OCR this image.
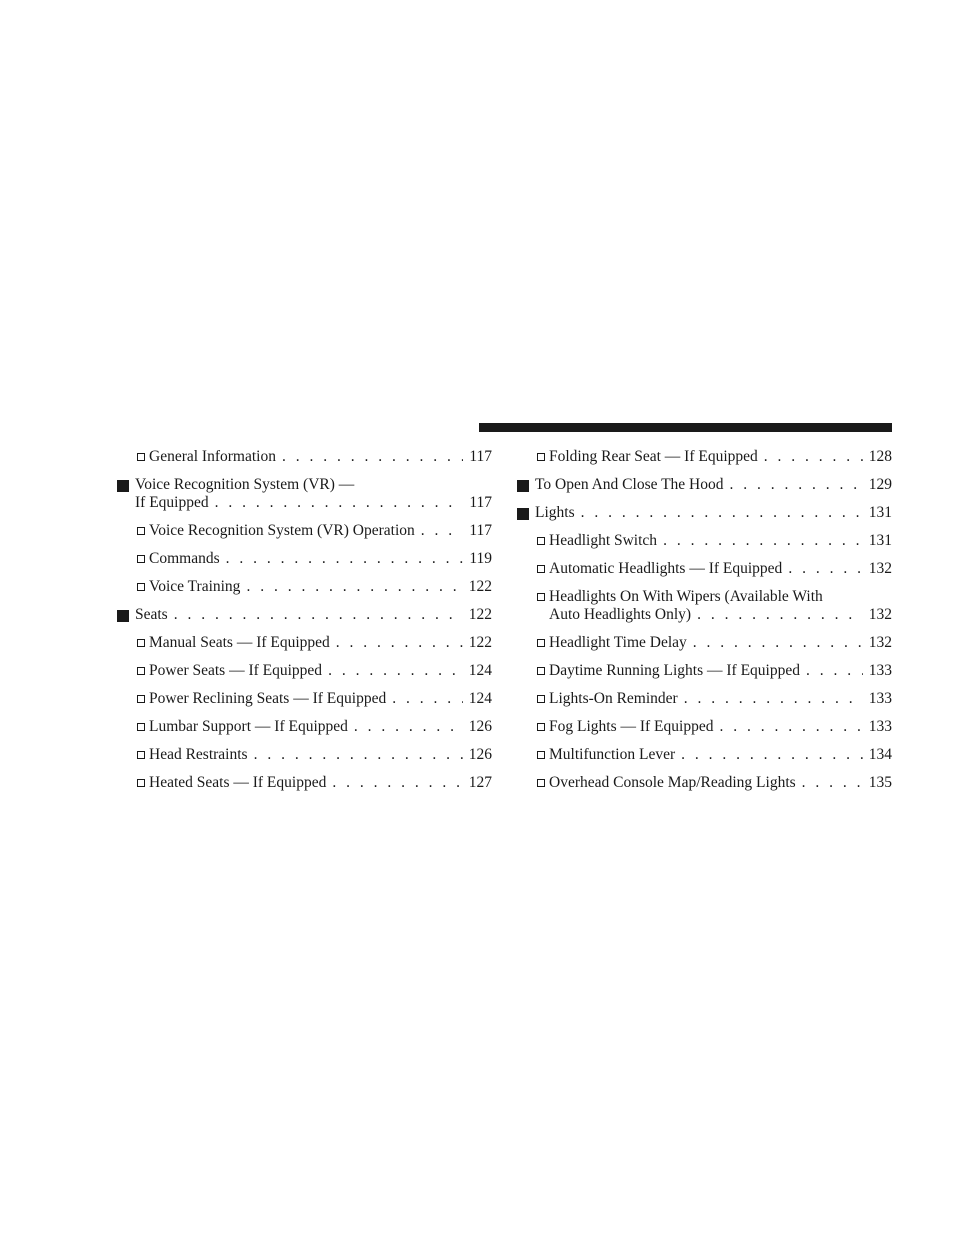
General Information . . .	117
Voice Recognition System (VR) —
If Equipped . . .	117
Voice Recognition System (VR) Operation . . .	117
Commands . . .	119
Voice Training . . .	122
Seats . . .	122
Manual Seats — If Equipped . . .	122
Power Seats — If Equipped . . .	124
Power Reclining Seats — If Equipped . . .	124
Lumbar Support — If Equipped . . .	126
Head Restraints . . .	126
Heated Seats — If Equipped . . .	127
Folding Rear Seat — If Equipped . . .	128
To Open And Close The Hood . . .	129
Lights . . .	131
Headlight Switch . . .	131
Automatic Headlights — If Equipped . . .	132
Headlights On With Wipers (Available With
Auto Headlights Only) . . .	132
Headlight Time Delay . . .	132
Daytime Running Lights — If Equipped . . .	133
Lights-On Reminder . . .	133
Fog Lights — If Equipped . . .	133
Multifunction Lever . . .	134
Overhead Console Map/Reading Lights . . .	135
